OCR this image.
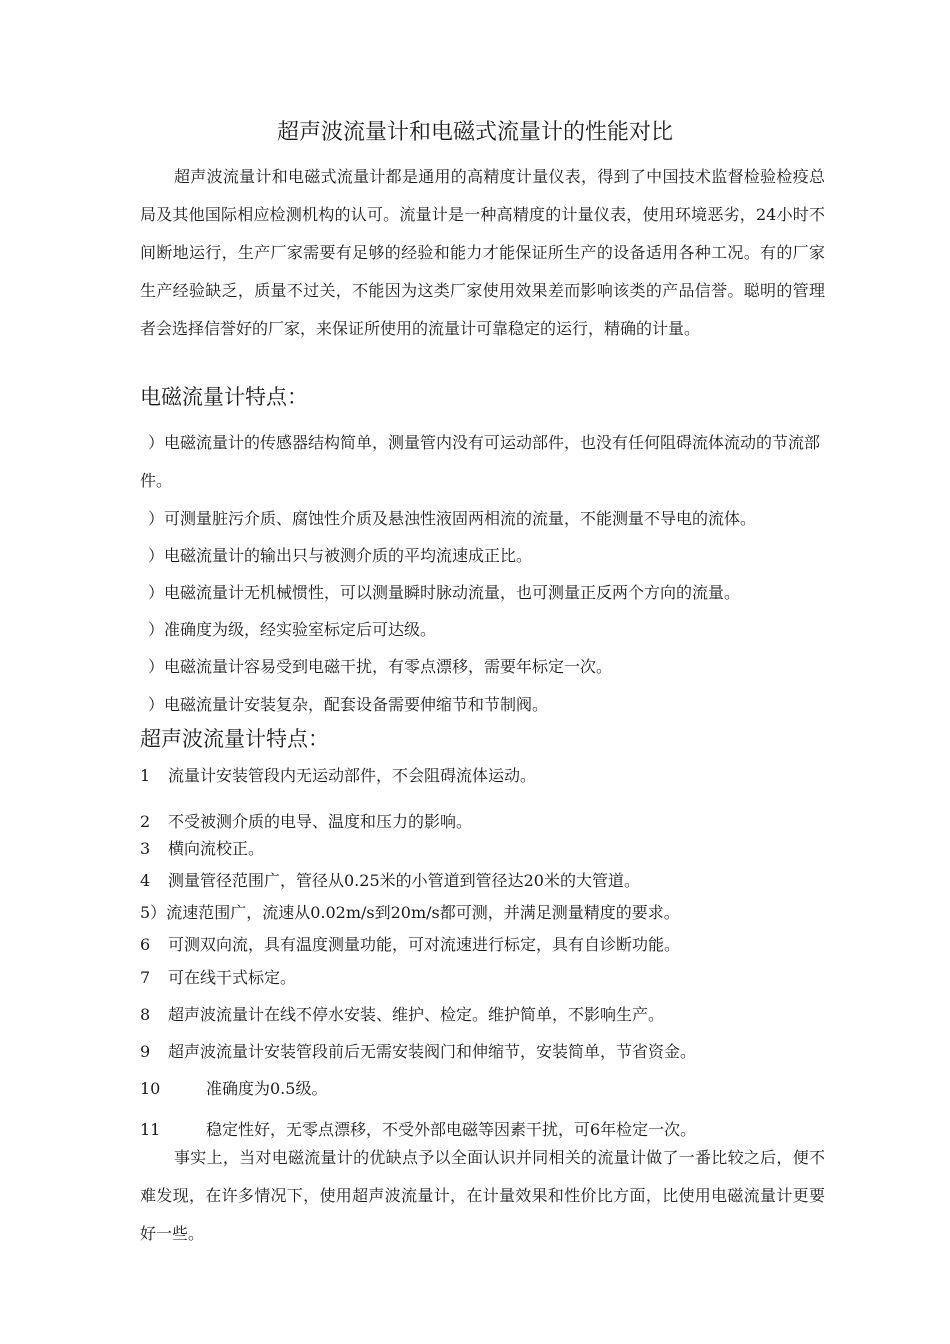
超声波流量计和电磁式流量计的性能对比
超声波流量计和电磁式流量计都是通用的高精度计量仪表，得到了中国技术监督检验检疫总局及其他国际相应检测机构的认可。流量计是一种高精度的计量仪表，使用环境恶劣，24小时不间断地运行，生产厂家需要有足够的经验和能力才能保证所生产的设备适用各种工况。有的厂家生产经验缺乏，质量不过关，不能因为这类厂家使用效果差而影响该类的产品信誉。聪明的管理者会选择信誉好的厂家，来保证所使用的流量计可靠稳定的运行，精确的计量。
电磁流量计特点：
）电磁流量计的传感器结构简单，测量管内没有可运动部件，也没有任何阻碍流体流动的节流部件。
）可测量脏污介质、腐蚀性介质及悬浊性液固两相流的流量，不能测量不导电的流体。
）电磁流量计的输出只与被测介质的平均流速成正比。
）电磁流量计无机械惯性，可以测量瞬时脉动流量，也可测量正反两个方向的流量。
）准确度为级，经实验室标定后可达级。
）电磁流量计容易受到电磁干扰，有零点漂移，需要年标定一次。
）电磁流量计安装复杂，配套设备需要伸缩节和节制阀。
超声波流量计特点：
1 流量计安装管段内无运动部件，不会阻碍流体运动。
2 不受被测介质的电导、温度和压力的影响。
3 横向流校正。
4 测量管径范围广，管径从0.25米的小管道到管径达20米的大管道。
5）流速范围广，流速从0.02m/s到20m/s都可测，并满足测量精度的要求。
6 可测双向流，具有温度测量功能，可对流速进行标定，具有自诊断功能。
7 可在线干式标定。
8 超声波流量计在线不停水安装、维护、检定。维护简单，不影响生产。
9 超声波流量计安装管段前后无需安装阀门和伸缩节，安装简单，节省资金。
10	准确度为0.5级。
11	稳定性好，无零点漂移，不受外部电磁等因素干扰，可6年检定一次。
事实上，当对电磁流量计的优缺点予以全面认识并同相关的流量计做了一番比较之后，便不难发现，在许多情况下，使用超声波流量计，在计量效果和性价比方面，比使用电磁流量计更要好一些。
